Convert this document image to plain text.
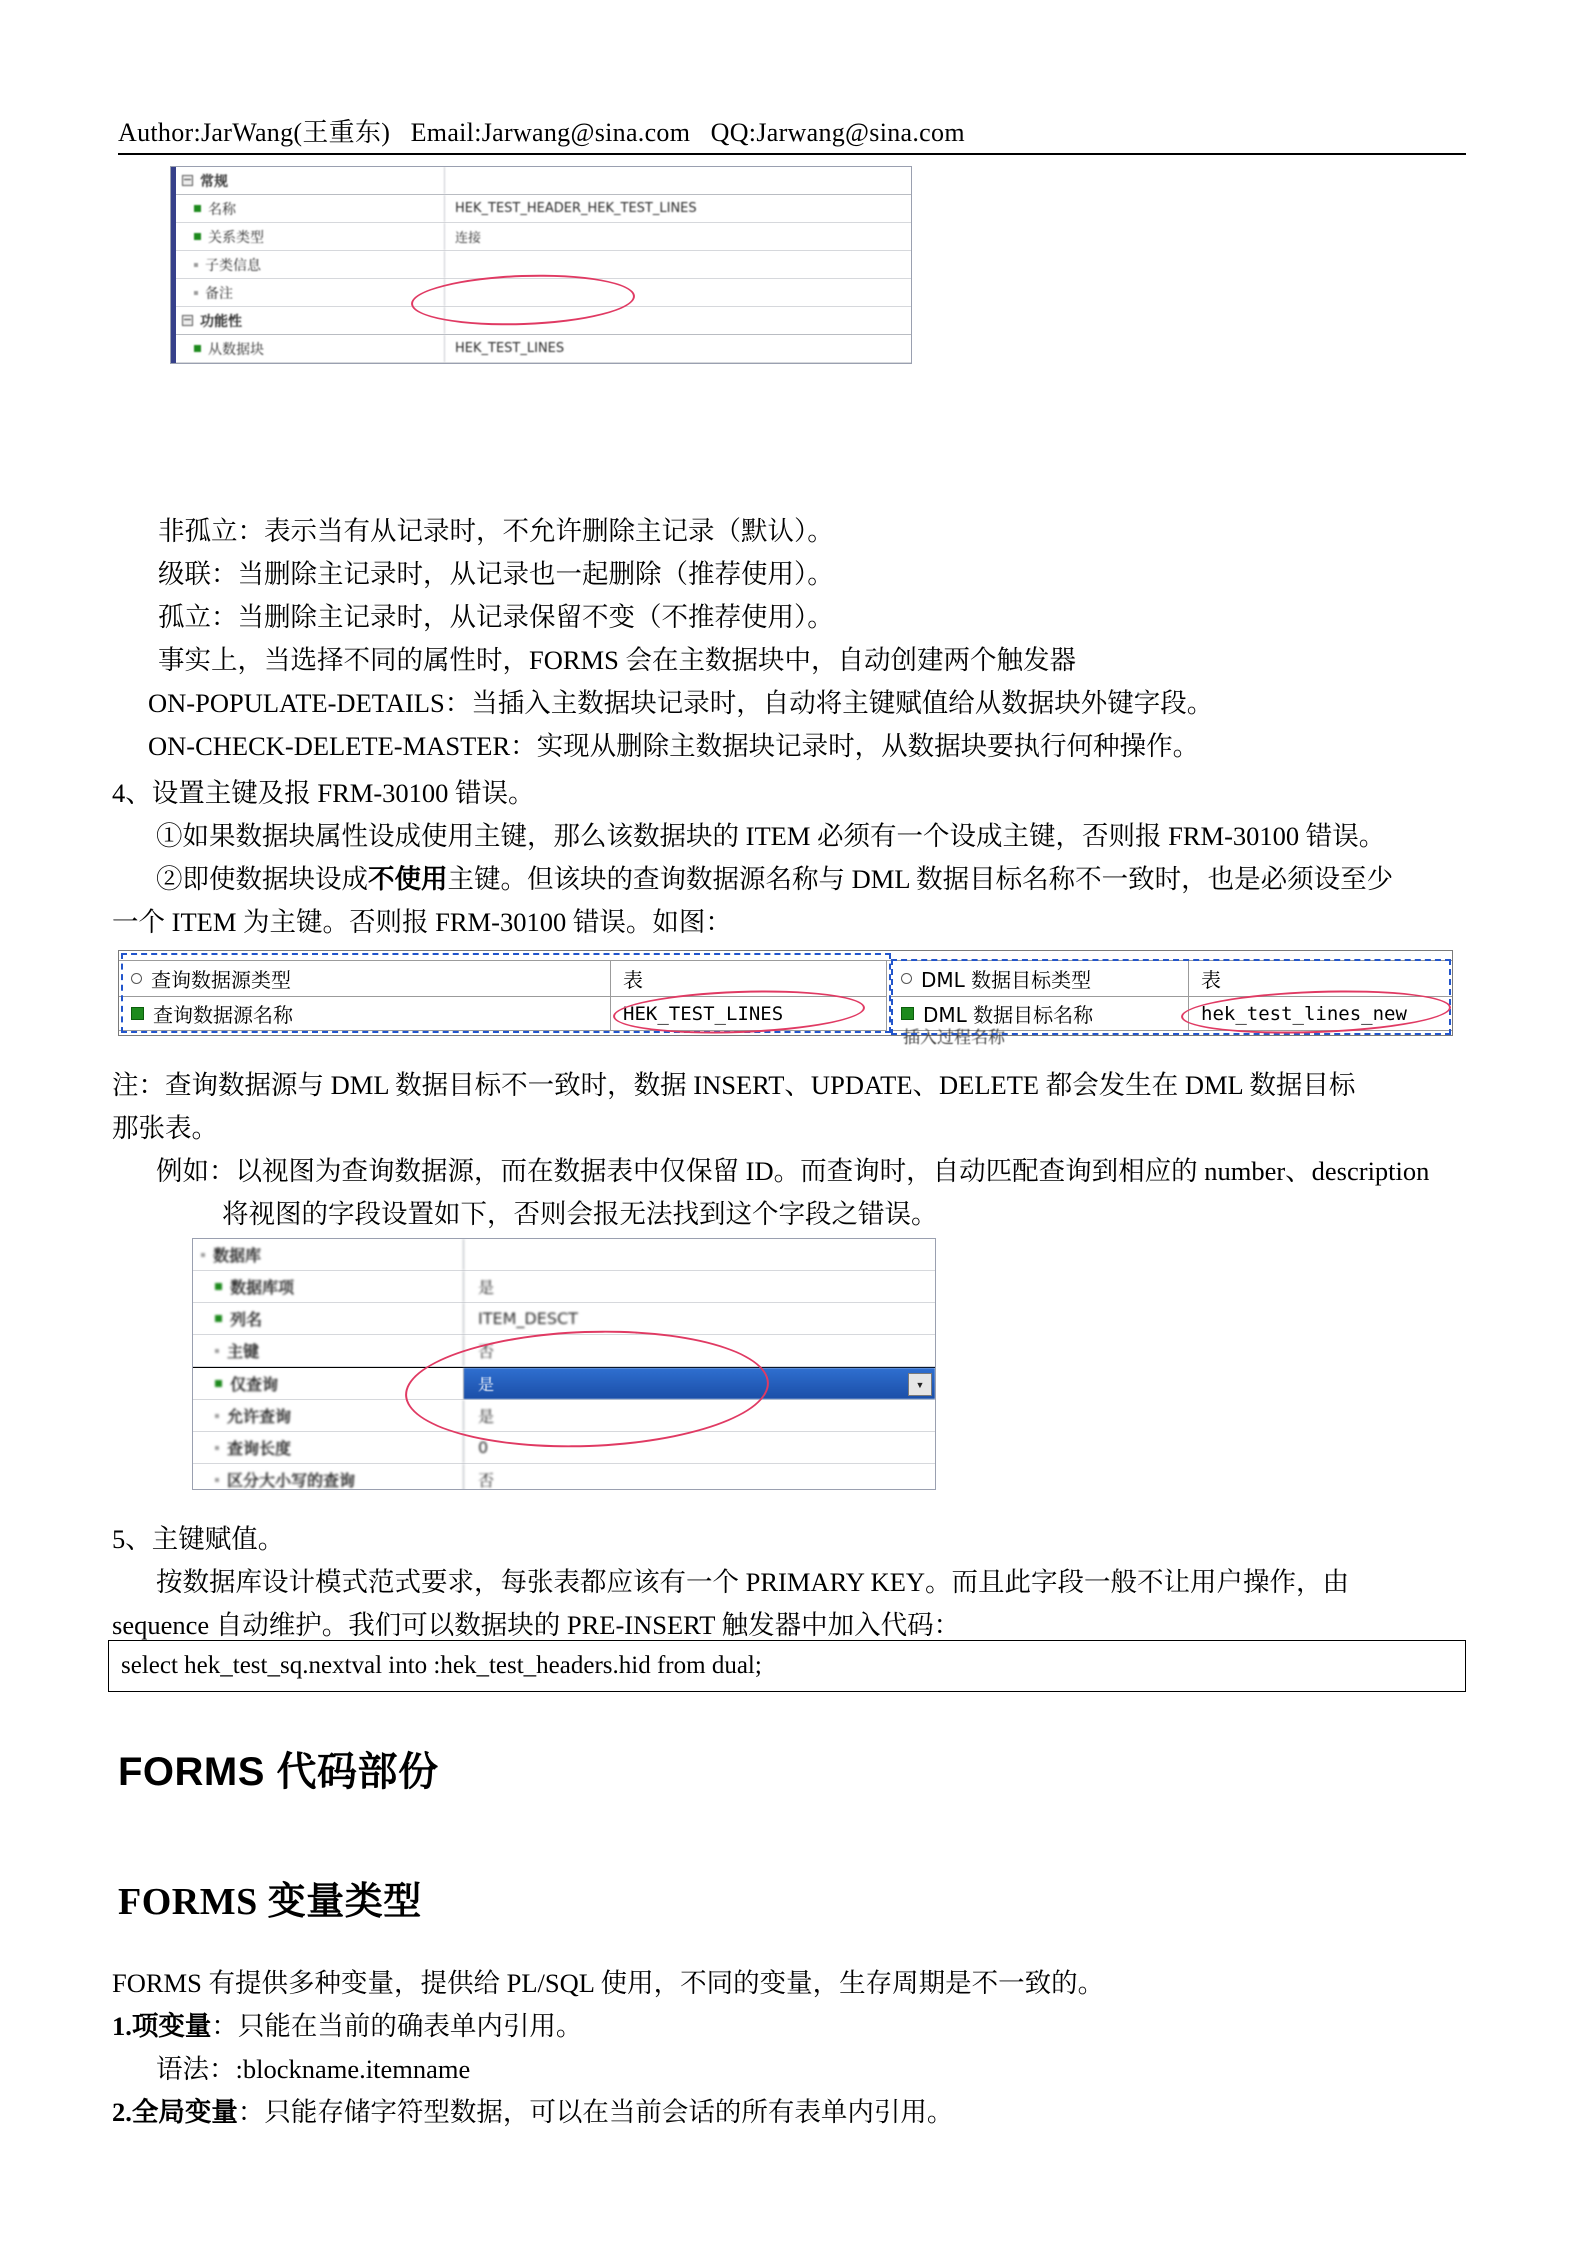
Author:JarWang(王重东)   Email:Jarwang@sina.com   QQ:Jarwang@sina.com
常规
名称	HEK_TEST_HEADER_HEK_TEST_LINES
关系类型	连接
子类信息
备注
功能性
从数据块	HEK_TEST_LINES
非孤立：表示当有从记录时，不允许删除主记录（默认）。
级联：当删除主记录时，从记录也一起删除（推荐使用）。
孤立：当删除主记录时，从记录保留不变（不推荐使用）。
事实上，当选择不同的属性时，FORMS 会在主数据块中，自动创建两个触发器
ON-POPULATE-DETAILS：当插入主数据块记录时，自动将主键赋值给从数据块外键字段。
ON-CHECK-DELETE-MASTER：实现从删除主数据块记录时，从数据块要执行何种操作。
4、设置主键及报 FRM-30100 错误。
①如果数据块属性设成使用主键，那么该数据块的 ITEM 必须有一个设成主键，否则报 FRM-30100 错误。
②即使数据块设成不使用主键。但该块的查询数据源名称与 DML 数据目标名称不一致时，也是必须设至少
一个 ITEM 为主键。否则报 FRM-30100 错误。如图：
查询数据源类型	表	DML 数据目标类型	表
查询数据源名称	HEK_TEST_LINES	DML 数据目标名称	hek_test_lines_new
插入过程名称
注：查询数据源与 DML 数据目标不一致时，数据 INSERT、UPDATE、DELETE 都会发生在 DML 数据目标
那张表。
例如：以视图为查询数据源，而在数据表中仅保留 ID。而查询时，自动匹配查询到相应的 number、description
将视图的字段设置如下，否则会报无法找到这个字段之错误。
数据库
数据库项	是
列名	ITEM_DESCT
主键	否
仅查询	是	▼
允许查询	是
查询长度	0
区分大小写的查询	否
5、主键赋值。
按数据库设计模式范式要求，每张表都应该有一个 PRIMARY KEY。而且此字段一般不让用户操作，由
sequence 自动维护。我们可以数据块的 PRE-INSERT 触发器中加入代码：
select hek_test_sq.nextval into :hek_test_headers.hid from dual;
FORMS 代码部份
FORMS 变量类型
FORMS 有提供多种变量，提供给 PL/SQL 使用，不同的变量，生存周期是不一致的。
1.项变量：只能在当前的确表单内引用。
语法：:blockname.itemname
2.全局变量：只能存储字符型数据，可以在当前会话的所有表单内引用。
